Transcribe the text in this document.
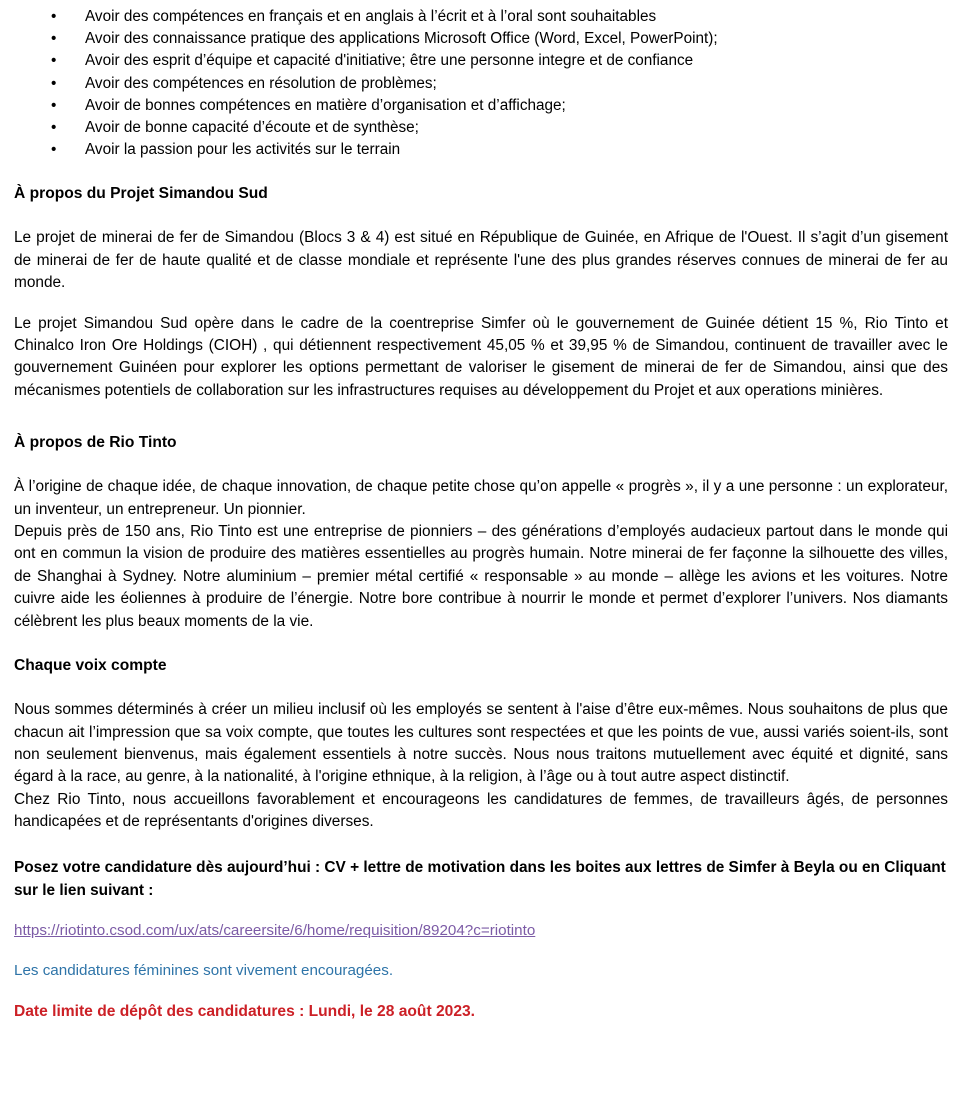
• Avoir des compétences en français et en anglais à l’écrit et à l’oral sont souhaitables
• Avoir des connaissance pratique des applications Microsoft Office (Word, Excel, PowerPoint);
• Avoir des esprit d’équipe et capacité d'initiative; être une personne integre et de confiance
• Avoir des compétences en résolution de problèmes;
• Avoir de bonnes compétences en matière d’organisation et d’affichage;
• Avoir de bonne capacité d’écoute et de synthèse;
• Avoir la passion pour les activités sur le terrain
À propos du Projet Simandou Sud

Le projet de minerai de fer de Simandou (Blocs 3 & 4) est situé en République de Guinée, en Afrique de l'Ouest. Il s’agit d’un gisement de minerai de fer de haute qualité et de classe mondiale et représente l'une des plus grandes réserves connues de minerai de fer au monde.

Le projet Simandou Sud opère dans le cadre de la coentreprise Simfer où le gouvernement de Guinée détient 15 %, Rio Tinto et Chinalco Iron Ore Holdings (CIOH) , qui détiennent respectivement 45,05 % et 39,95 % de Simandou, continuent de travailler avec le gouvernement Guinéen pour explorer les options permettant de valoriser le gisement de minerai de fer de Simandou, ainsi que des mécanismes potentiels de collaboration sur les infrastructures requises au développement du Projet et aux operations minières.

À propos de Rio Tinto

À l’origine de chaque idée, de chaque innovation, de chaque petite chose qu’on appelle « progrès », il y a une personne : un explorateur, un inventeur, un entrepreneur. Un pionnier.

Depuis près de 150 ans, Rio Tinto est une entreprise de pionniers – des générations d’employés audacieux partout dans le monde qui ont en commun la vision de produire des matières essentielles au progrès humain. Notre minerai de fer façonne la silhouette des villes, de Shanghai à Sydney. Notre aluminium – premier métal certifié « responsable » au monde – allège les avions et les voitures. Notre cuivre aide les éoliennes à produire de l’énergie. Notre bore contribue à nourrir le monde et permet d’explorer l’univers. Nos diamants célèbrent les plus beaux moments de la vie.

Chaque voix compte

Nous sommes déterminés à créer un milieu inclusif où les employés se sentent à l'aise d’être eux-mêmes. Nous souhaitons de plus que chacun ait l’impression que sa voix compte, que toutes les cultures sont respectées et que les points de vue, aussi variés soient-ils, sont non seulement bienvenus, mais également essentiels à notre succès. Nous nous traitons mutuellement avec équité et dignité, sans égard à la race, au genre, à la nationalité, à l'origine ethnique, à la religion, à l’âge ou à tout autre aspect distinctif.

Chez Rio Tinto, nous accueillons favorablement et encourageons les candidatures de femmes, de travailleurs âgés, de personnes handicapées et de représentants d'origines diverses.

Posez votre candidature dès aujourd’hui : CV + lettre de motivation dans les boites aux lettres de Simfer à Beyla ou en Cliquant sur le lien suivant :

https://riotinto.csod.com/ux/ats/careersite/6/home/requisition/89204?c=riotinto

Les candidatures féminines sont vivement encouragées.

Date limite de dépôt des candidatures : Lundi, le 28 août 2023.
